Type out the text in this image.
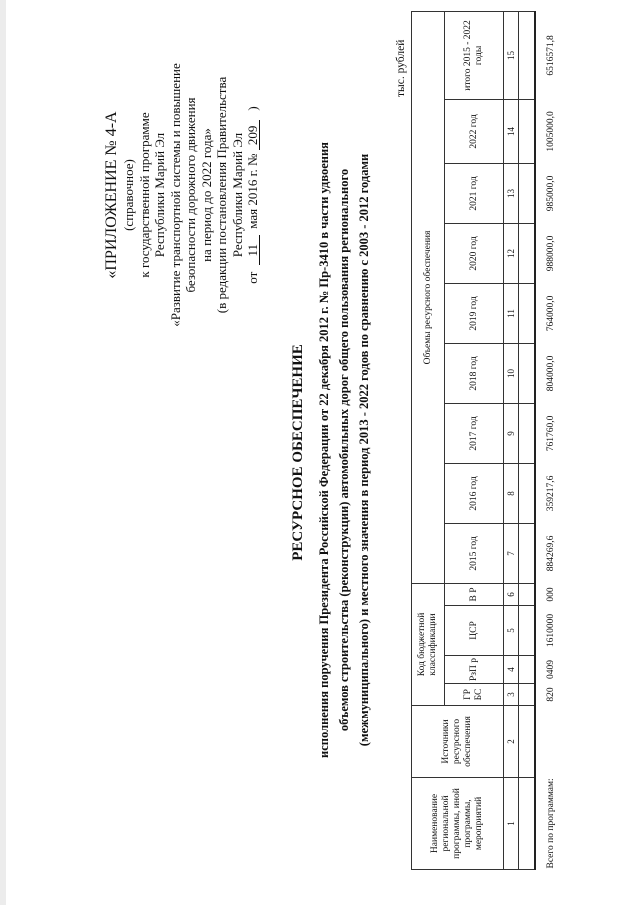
«ПРИЛОЖЕНИЕ № 4-А (справочное) к государственной программе Республики Марий Эл «Развитие транспортной системы и повышение безопасности дорожного движения на период до 2022 года» (в редакции постановления Правительства Республики Марий Эл
от  11  мая 2016 г. № 209   )
РЕСУРСНОЕ ОБЕСПЕЧЕНИЕ исполнения поручения Президента Российской Федерации от 22 декабря 2012 г. № Пр-3410 в части удвоения объемов строительства (реконструкции) автомобильных дорог общего пользования регионального (межмуниципального) и местного значения в период 2013 - 2022 годов по сравнению с 2003 - 2012 годами
тыс. рублей
Наименование региональной программы, иной программы, мероприятий	Источники ресурсного обеспечения	Код бюджетной классификации				Объемы ресурсного обеспечения								
		ГР БС	РзП р	ЦСР	В Р	2015 год	2016 год	2017 год	2018 год	2019 год	2020 год	2021 год	2022 год	итого 2015 - 2022 годы
1	2	3	4	5	6	7	8	9	10	11	12	13	14	15

Всего по программам:		820	0409	1610000	000	884269,6	359217,6	761760,0	804000,0	764000,0	988000,0	985000,0	1005000,0	6516571,8
